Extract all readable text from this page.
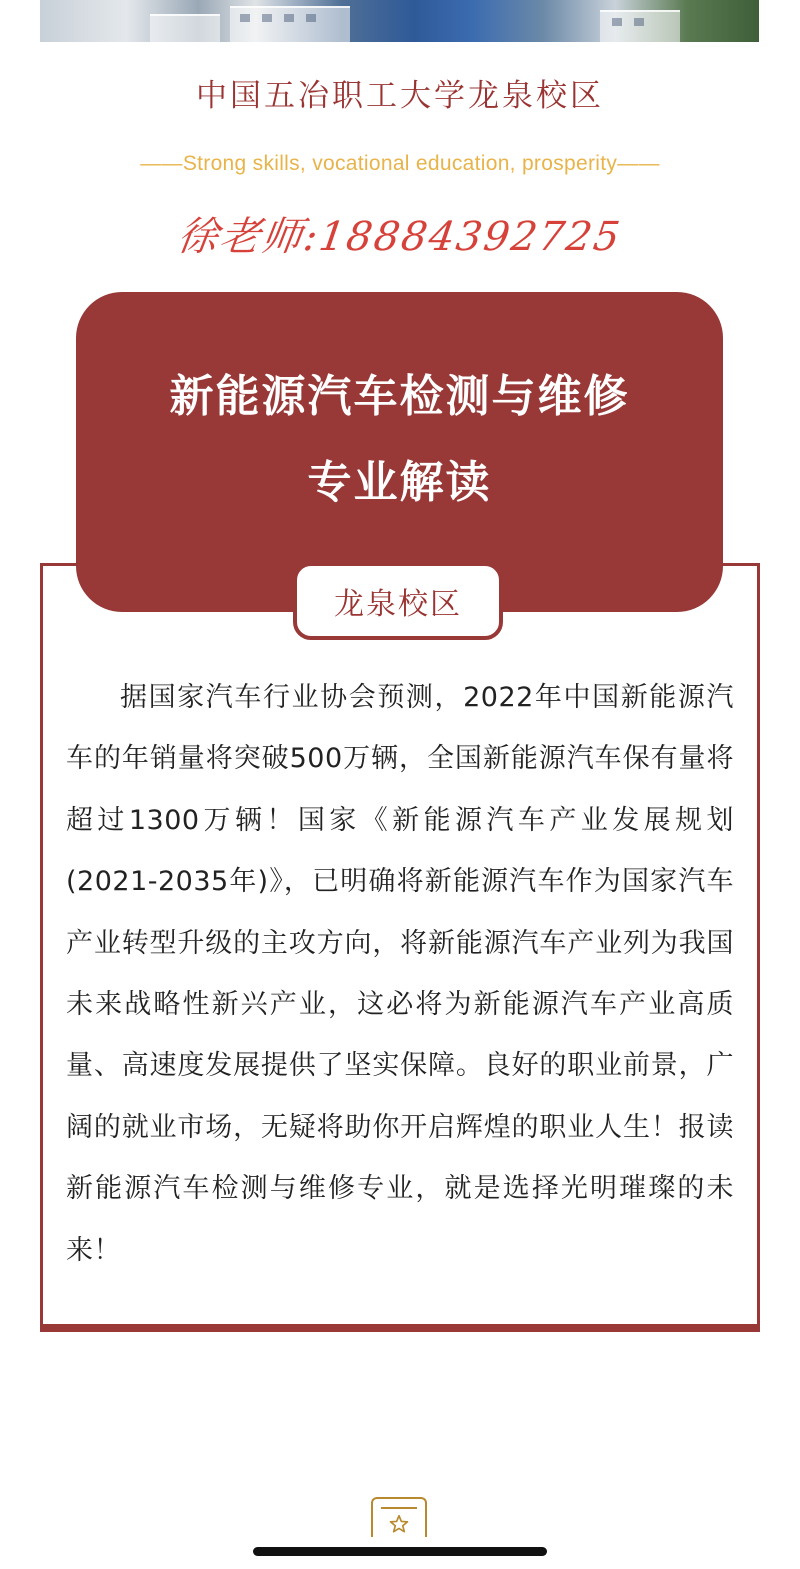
中国五冶职工大学龙泉校区
——Strong skills, vocational education, prosperity——
徐老师:18884392725
新能源汽车检测与维修
专业解读
龙泉校区
据国家汽车行业协会预测，2022年中国新能源汽车的年销量将突破500万辆，全国新能源汽车保有量将超过1300万辆！国家《新能源汽车产业发展规划(2021-2035年)》，已明确将新能源汽车作为国家汽车产业转型升级的主攻方向，将新能源汽车产业列为我国未来战略性新兴产业，这必将为新能源汽车产业高质量、高速度发展提供了坚实保障。良好的职业前景，广阔的就业市场，无疑将助你开启辉煌的职业人生！报读新能源汽车检测与维修专业，就是选择光明璀璨的未来！
